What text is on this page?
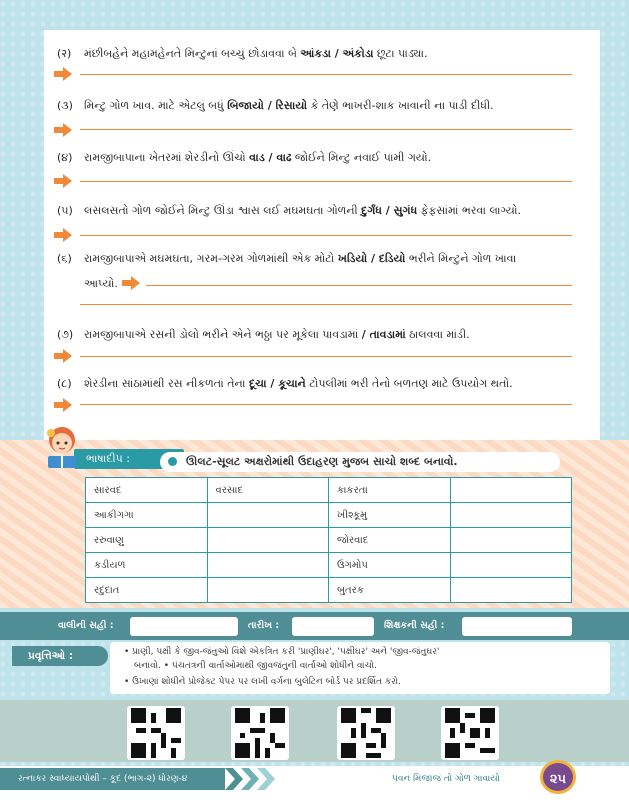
(२) મંછીબહેને મહામહેનતે મિન્ટુનાં બચ્ચું છોડાવવા બે આંકડા / અંકોડા છૂટા પાડ્યા.
(૩) મિન્ટુ ગોળ ખાવ. માટે એટલું બધું બિજાયો / રિસાયો કે તેણે ભાખરી-શાક ખાવાની ના પાડી દીધી.
(૪) રામજીબાપાના ખેતરમાં શેરડીનો ઊંચો વાડ / વાઢ જોઈને મિન્ટુ નવાઈ પામી ગયો.
(૫) લસલસતો ગોળ જોઈને મિન્ટુ ઊંડા શ્વાસ લઈ મઘમઘતા ગોળની દુર્ગંધ / સુગંધ ફેફસાંમાં ભરવા લાગ્યો.
(૬) રામજીબાપાએ મઘમઘતા, ગરમ-ગરમ ગોળમાંથી એક મોટો ખડિયો / દડિયો ભરીને મિન્ટુને ગોળ ખાવા
આપ્યો.
(૭) રામજીબાપાએ રસની ડોલો ભરીને એને ભઠ્ઠા પર મૂકેલા પાવડામાં / તાવડામાં ઠાલવવા માંડી.
(૮) શેરડીના સાંઠામાંથી રસ નીકળતાં તેના દૂચા / કૂચાને ટોપલીમાં ભરી તેનો બળતણ માટે ઉપયોગ થતો.
ભાષાદીપ :	ઊલટ-સૂલટ અક્ષરોમાંથી ઉદાહરણ મુજબ સાચો શબ્દ બનાવો.
સારવદ	વરસાદ	કાકરતા	
આકીગગા		ખીશ્કૂમુ	
રરુવાણુ		જોરવાદ	
કડીયળ		ઉગમોપ	
રદુંદાત		બુતરક	
વાલીની સહી :	તારીખ :	શિક્ષકની સહી :
પ્રવૃત્તિઓ :	• પ્રાણી, પક્ષી કે જીવ-જંતુઓ વિશે એકત્રિત કરી 'પ્રાણીઘર', 'પક્ષીઘર' અને 'જીવ-જંતુઘર'
બનાવો. • પંચતંત્રની વાર્તાઓમાંથી જીવજંતુની વાર્તાઓ શોધીને વાંચો.
• ઉખાણાં શોધીને પ્રોજેક્ટ પેપર પર લખી વર્ગના બુલેટિન બોર્ડ પર પ્રદર્શિત કરો.
રત્નાકર સ્વાધ્યાયપોથી – કૂદ (ભાગ-૨) ધોરણ-૪	પવન મિજાજ તો ગોળ ગાવાયો	૨૫
